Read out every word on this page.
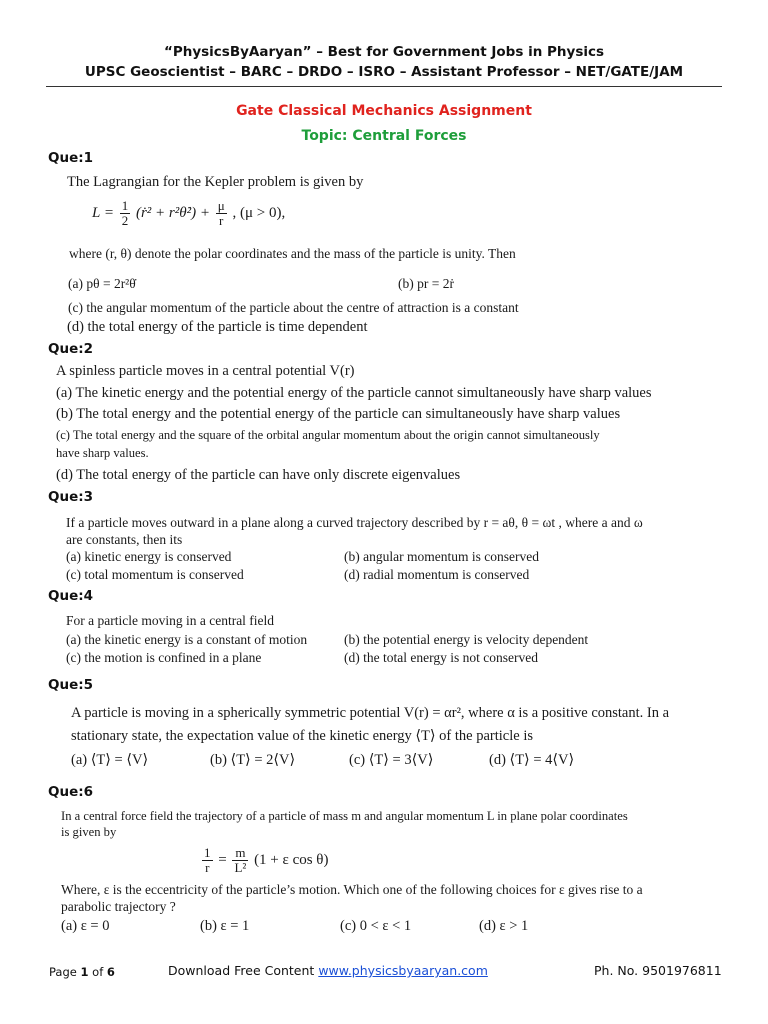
“PhysicsByAaryan” – Best for Government Jobs in Physics
UPSC Geoscientist – BARC – DRDO – ISRO – Assistant Professor – NET/GATE/JAM
Gate Classical Mechanics Assignment
Topic: Central Forces
Que:1
The Lagrangian for the Kepler problem is given by
$L = \frac{1}{2}$ (ṙ² + r²θ̇²) + $\frac{\mu}{r}$ , (μ > 0),
where (r, θ) denote the polar coordinates and the mass of the particle is unity. Then
(a) pθ = 2r²θ̇	(b) pr = 2ṙ
(c) the angular momentum of the particle about the centre of attraction is a constant
(d) the total energy of the particle is time dependent
Que:2
A spinless particle moves in a central potential V(r)
(a) The kinetic energy and the potential energy of the particle cannot simultaneously have sharp values
(b) The total energy and the potential energy of the particle can simultaneously have sharp values
(c) The total energy and the square of the orbital angular momentum about the origin cannot simultaneously
have sharp values.
(d) The total energy of the particle can have only discrete eigenvalues
Que:3
If a particle moves outward in a plane along a curved trajectory described by r = aθ, θ = ωt , where a and ω
are constants, then its
(a) kinetic energy is conserved	(b) angular momentum is conserved
(c) total momentum is conserved	(d) radial momentum is conserved
Que:4
For a particle moving in a central field
(a) the kinetic energy is a constant of motion	(b) the potential energy is velocity dependent
(c) the motion is confined in a plane	(d) the total energy is not conserved
Que:5
A particle is moving in a spherically symmetric potential V(r) = αr², where α is a positive constant. In a
stationary state, the expectation value of the kinetic energy ⟨T⟩ of the particle is
(a) ⟨T⟩ = ⟨V⟩	(b) ⟨T⟩ = 2⟨V⟩	(c) ⟨T⟩ = 3⟨V⟩	(d) ⟨T⟩ = 4⟨V⟩
Que:6
In a central force field the trajectory of a particle of mass m and angular momentum L in plane polar coordinates
is given by
$\frac{1}{r} = \frac{m}{\text{L²}} (1 + \varepsilon$ cos θ)
Where, ε is the eccentricity of the particle’s motion. Which one of the following choices for ε gives rise to a
parabolic trajectory ?
(a) ε = 0	(b) ε = 1	(c) 0 < ε < 1	(d) ε > 1
Page 1 of 6	Download Free Content www.physicsbyaaryan.com	Ph. No. 9501976811
